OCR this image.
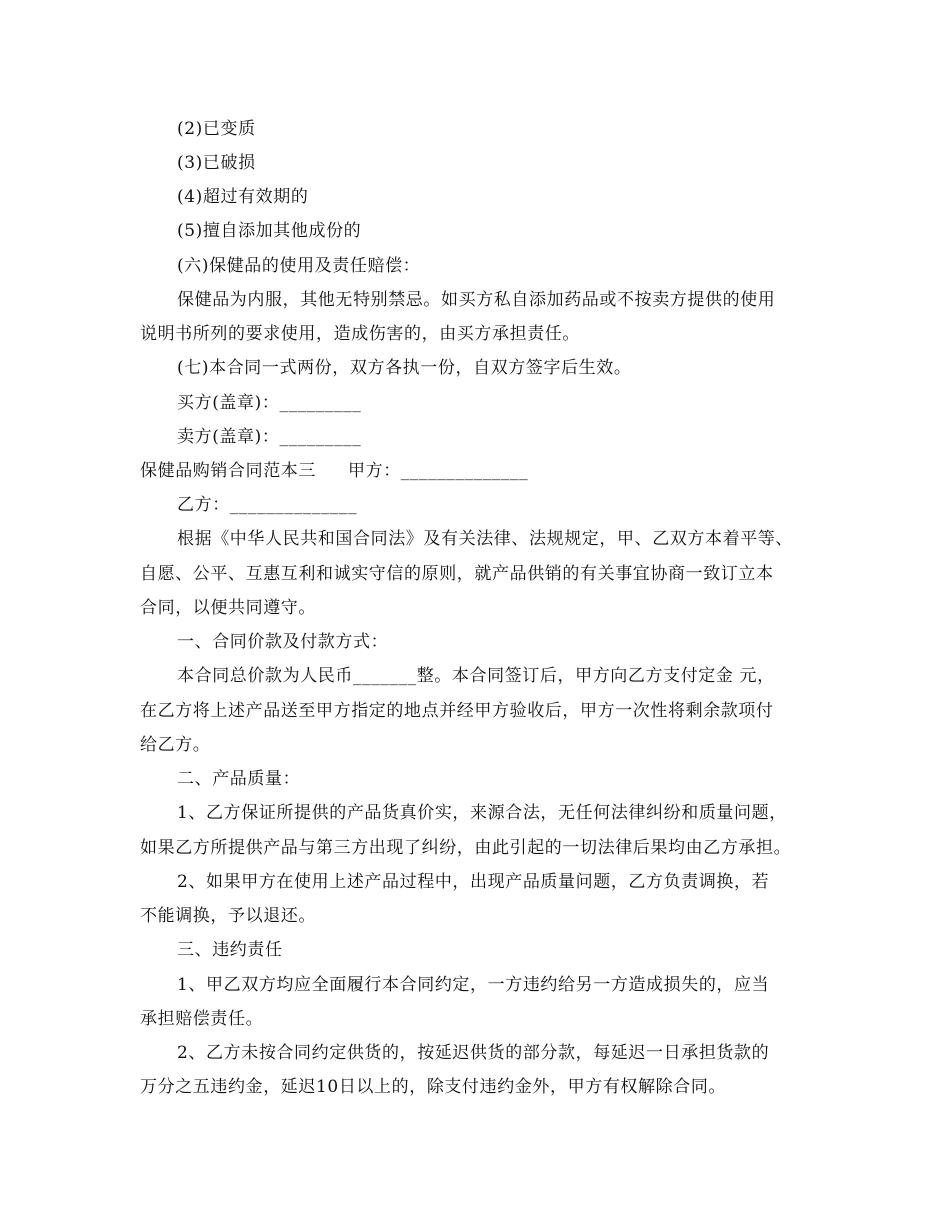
(2)已变质
(3)已破损
(4)超过有效期的
(5)擅自添加其他成份的
(六)保健品的使用及责任赔偿：
保健品为内服，其他无特别禁忌。如买方私自添加药品或不按卖方提供的使用
说明书所列的要求使用，造成伤害的，由买方承担责任。
(七)本合同一式两份，双方各执一份，自双方签字后生效。
买方(盖章)：_________
卖方(盖章)：_________
保健品购销合同范本三 甲方：______________
乙方：______________
根据《中华人民共和国合同法》及有关法律、法规规定，甲、乙双方本着平等、
自愿、公平、互惠互利和诚实守信的原则，就产品供销的有关事宜协商一致订立本
合同，以便共同遵守。
一、合同价款及付款方式：
本合同总价款为人民币_______整。本合同签订后，甲方向乙方支付定金 元，
在乙方将上述产品送至甲方指定的地点并经甲方验收后，甲方一次性将剩余款项付
给乙方。
二、产品质量：
1、乙方保证所提供的产品货真价实，来源合法，无任何法律纠纷和质量问题，
如果乙方所提供产品与第三方出现了纠纷，由此引起的一切法律后果均由乙方承担。
2、如果甲方在使用上述产品过程中，出现产品质量问题，乙方负责调换，若
不能调换，予以退还。
三、违约责任
1、甲乙双方均应全面履行本合同约定，一方违约给另一方造成损失的，应当
承担赔偿责任。
2、乙方未按合同约定供货的，按延迟供货的部分款，每延迟一日承担货款的
万分之五违约金，延迟10日以上的，除支付违约金外，甲方有权解除合同。
